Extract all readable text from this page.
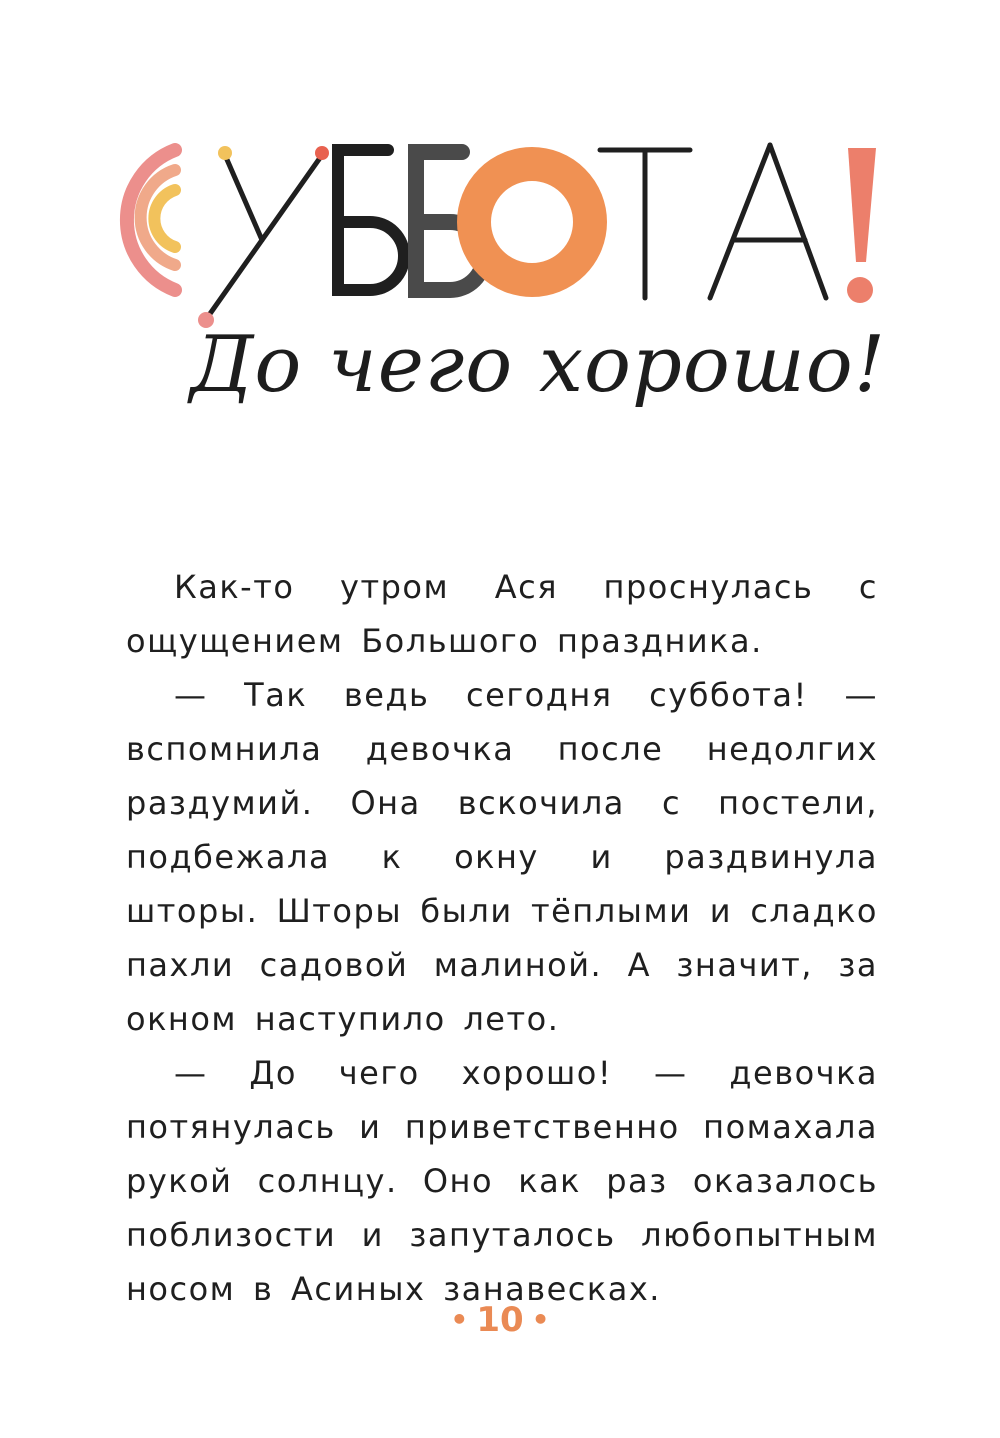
До чего хорошо!

Как-то утром Ася проснулась с ощущением Большого праздника.

— Так ведь сегодня суббота! — вспомнила девочка после недолгих раздумий. Она вскочила с постели, подбежала к окну и раздвинула шторы. Шторы были тёплыми и сладко пахли садовой малиной. А значит, за окном наступило лето.

— До чего хорошо! — девочка потянулась и приветственно помахала рукой солнцу. Оно как раз оказалось поблизости и запуталось любопытным носом в Асиных занавесках.

• 10 •
